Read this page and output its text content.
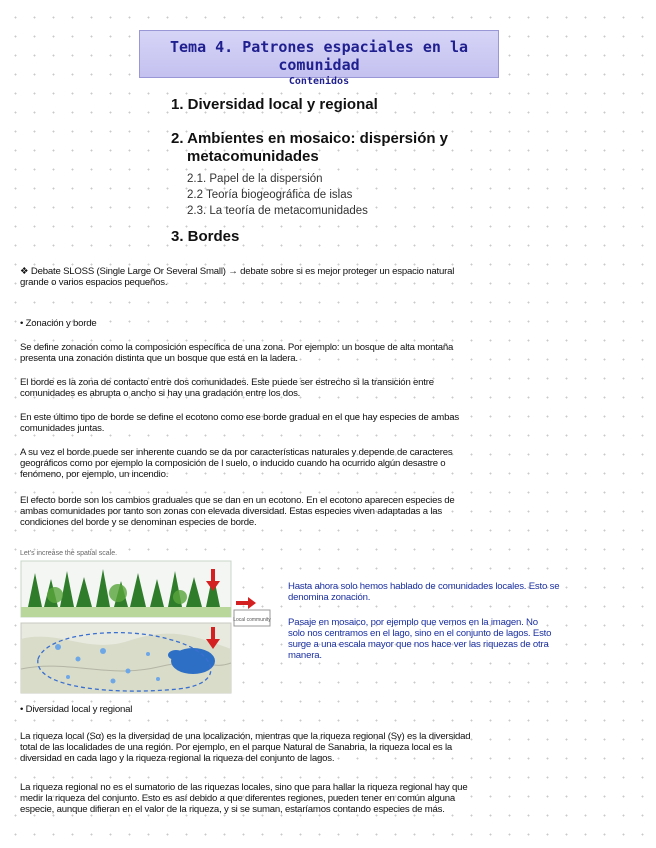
Tema 4. Patrones espaciales en la comunidad
Contenidos
1. Diversidad local y regional
2. Ambientes en mosaico: dispersión y
metacomunidades
2.1. Papel de la dispersión
2.2 Teoría biogeográfica de islas
2.3. La teoría de metacomunidades
3. Bordes
❖ Debate SLOSS (Single Large Or Several Small) → debate sobre si es mejor proteger un espacio natural
grande o varios espacios pequeños.
• Zonación y borde
Se define zonación como la composición específica de una zona. Por ejemplo: un bosque de alta montaña
presenta una zonación distinta que un bosque que está en la ladera.
El borde es la zona de contacto entre dos comunidades. Este puede ser estrecho si la transición entre
comunidades es abrupta o ancho si hay una gradación entre los dos.
En este último tipo de borde se define el ecotono como ese borde gradual en el que hay especies de ambas
comunidades juntas.
A su vez el borde puede ser inherente cuando se da por características naturales y depende de caracteres
geográficos como por ejemplo la composición de l suelo, o inducido cuando ha ocurrido algún desastre o
fenómeno, por ejemplo, un incendio.
El efecto borde son los cambios graduales que se dan en un ecotono. En el ecotono aparecen especies de
ambas comunidades por tanto son zonas con elevada diversidad. Estas especies viven adaptadas a las
condiciones del borde y se denominan especies de borde.
Let's increase the spatial scale.
Local community
Hasta ahora solo hemos hablado de comunidades locales. Esto se
denomina zonación.
Pasaje en mosaico, por ejemplo que vemos en la imagen. No
solo nos centramos en el lago, sino en el conjunto de lagos. Esto
surge a una escala mayor que nos hace ver las riquezas de otra
manera.
• Diversidad local y regional
La riqueza local (Sα) es la diversidad de una localización, mientras que la riqueza regional (Sγ) es la diversidad
total de las localidades de una región. Por ejemplo, en el parque Natural de Sanabria, la riqueza local es la
diversidad en cada lago y la riqueza regional la riqueza del conjunto de lagos.
La riqueza regional no es el sumatorio de las riquezas locales, sino que para hallar la riqueza regional hay que
medir la riqueza del conjunto. Esto es así debido a que diferentes regiones, pueden tener en común alguna
especie, aunque difieran en el valor de la riqueza, y si se suman, estaríamos contando especies de más.
